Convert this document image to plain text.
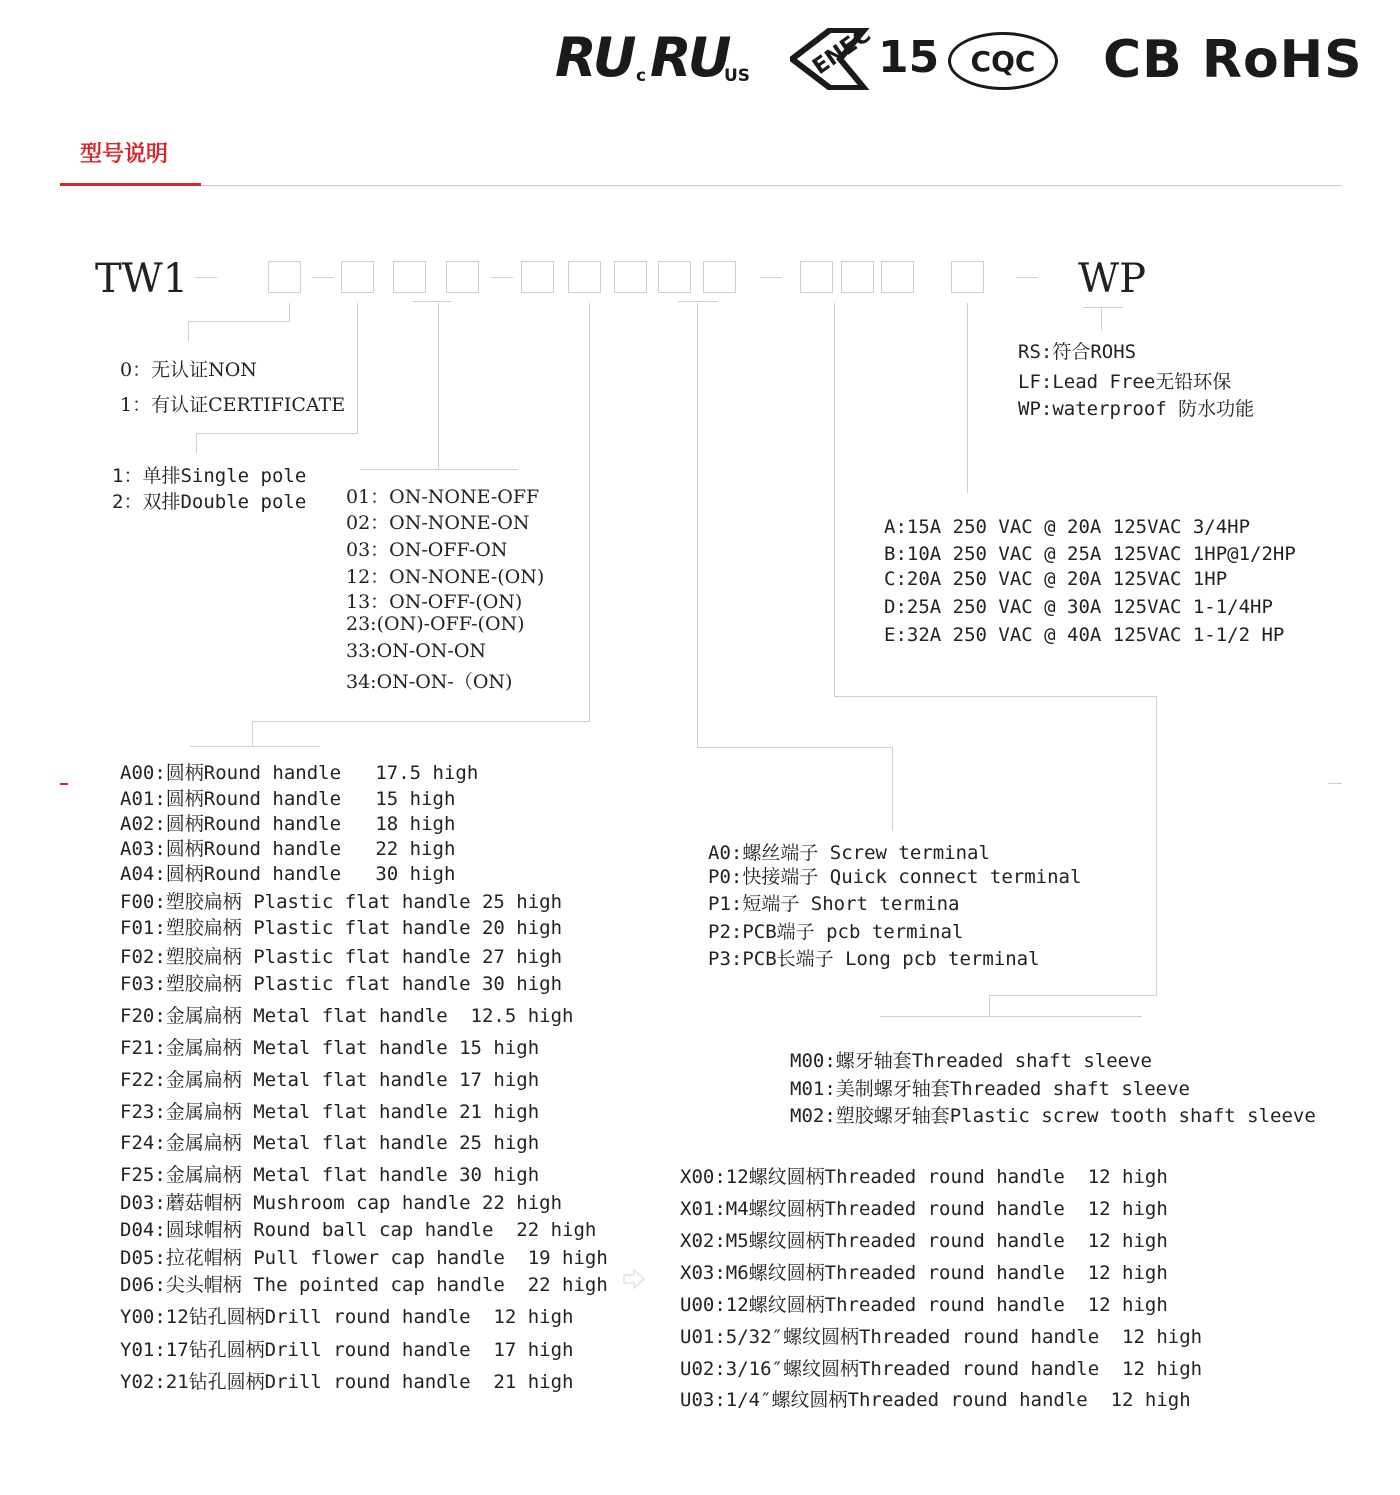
RU c RU
US	ENEC 15 CQC CB RoHS
型号说明
TW1	WP
0：无认证NON
1：有认证CERTIFICATE
1：单排Single pole
2：双排Double pole 01：ON-NONE-OFF
02：ON-NONE-ON
03：ON-OFF-ON
12：ON-NONE-(ON)
13：ON-OFF-(ON)
23:(ON)-OFF-(ON)
33:ON-ON-ON
34:ON-ON-（ON)
RS:符合ROHS
LF:Lead Free无铅环保
WP:waterproof 防水功能
A:15A 250 VAC @ 20A 125VAC 3/4HP
B:10A 250 VAC @ 25A 125VAC 1HP@1/2HP
C:20A 250 VAC @ 20A 125VAC 1HP
D:25A 250 VAC @ 30A 125VAC 1-1/4HP
E:32A 250 VAC @ 40A 125VAC 1-1/2 HP
A00:圆柄Round handle   17.5 high
A01:圆柄Round handle   15 high
A02:圆柄Round handle   18 high
A03:圆柄Round handle   22 high
A04:圆柄Round handle   30 high
F00:塑胶扁柄 Plastic flat handle 25 high
F01:塑胶扁柄 Plastic flat handle 20 high
F02:塑胶扁柄 Plastic flat handle 27 high
F03:塑胶扁柄 Plastic flat handle 30 high
F20:金属扁柄 Metal flat handle  12.5 high
F21:金属扁柄 Metal flat handle 15 high
F22:金属扁柄 Metal flat handle 17 high
F23:金属扁柄 Metal flat handle 21 high
F24:金属扁柄 Metal flat handle 25 high
F25:金属扁柄 Metal flat handle 30 high
D03:蘑菇帽柄 Mushroom cap handle 22 high
D04:圆球帽柄 Round ball cap handle  22 high
D05:拉花帽柄 Pull flower cap handle  19 high
D06:尖头帽柄 The pointed cap handle  22 high
Y00:12钻孔圆柄Drill round handle  12 high
Y01:17钻孔圆柄Drill round handle  17 high
Y02:21钻孔圆柄Drill round handle  21 high
A0:螺丝端子 Screw terminal
P0:快接端子 Quick connect terminal
P1:短端子 Short termina
P2:PCB端子 pcb terminal
P3:PCB长端子 Long pcb terminal
M00:螺牙轴套Threaded shaft sleeve
M01:美制螺牙轴套Threaded shaft sleeve
M02:塑胶螺牙轴套Plastic screw tooth shaft sleeve
X00:12螺纹圆柄Threaded round handle  12 high
X01:M4螺纹圆柄Threaded round handle  12 high
X02:M5螺纹圆柄Threaded round handle  12 high
X03:M6螺纹圆柄Threaded round handle  12 high
U00:12螺纹圆柄Threaded round handle  12 high
U01:5/32″螺纹圆柄Threaded round handle  12 high
U02:3/16″螺纹圆柄Threaded round handle  12 high
U03:1/4″螺纹圆柄Threaded round handle  12 high
